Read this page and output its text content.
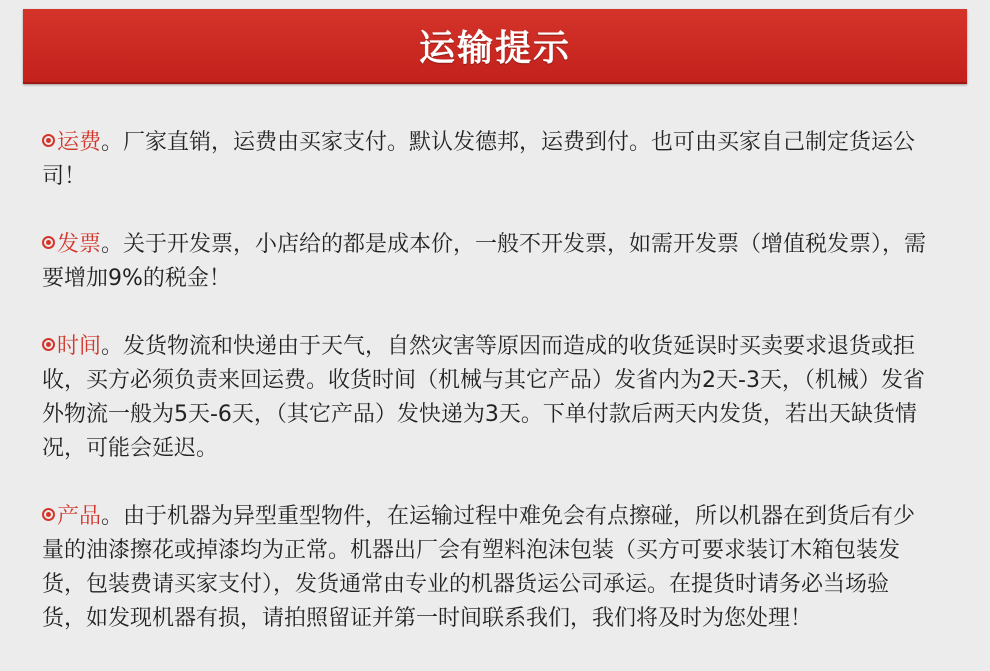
运输提示
运费。厂家直销，运费由买家支付。默认发德邦，运费到付。也可由买家自己制定货运公司！
发票。关于开发票，小店给的都是成本价，一般不开发票，如需开发票（增值税发票），需要增加9%的税金！
时间。发货物流和快递由于天气，自然灾害等原因而造成的收货延误时买卖要求退货或拒收，买方必须负责来回运费。收货时间（机械与其它产品）发省内为2天-3天，（机械）发省外物流一般为5天-6天，（其它产品）发快递为3天。下单付款后两天内发货，若出天缺货情况，可能会延迟。
产品。由于机器为异型重型物件，在运输过程中难免会有点擦碰，所以机器在到货后有少量的油漆擦花或掉漆均为正常。机器出厂会有塑料泡沫包装（买方可要求装订木箱包装发货，包装费请买家支付），发货通常由专业的机器货运公司承运。在提货时请务必当场验货，如发现机器有损，请拍照留证并第一时间联系我们，我们将及时为您处理！
